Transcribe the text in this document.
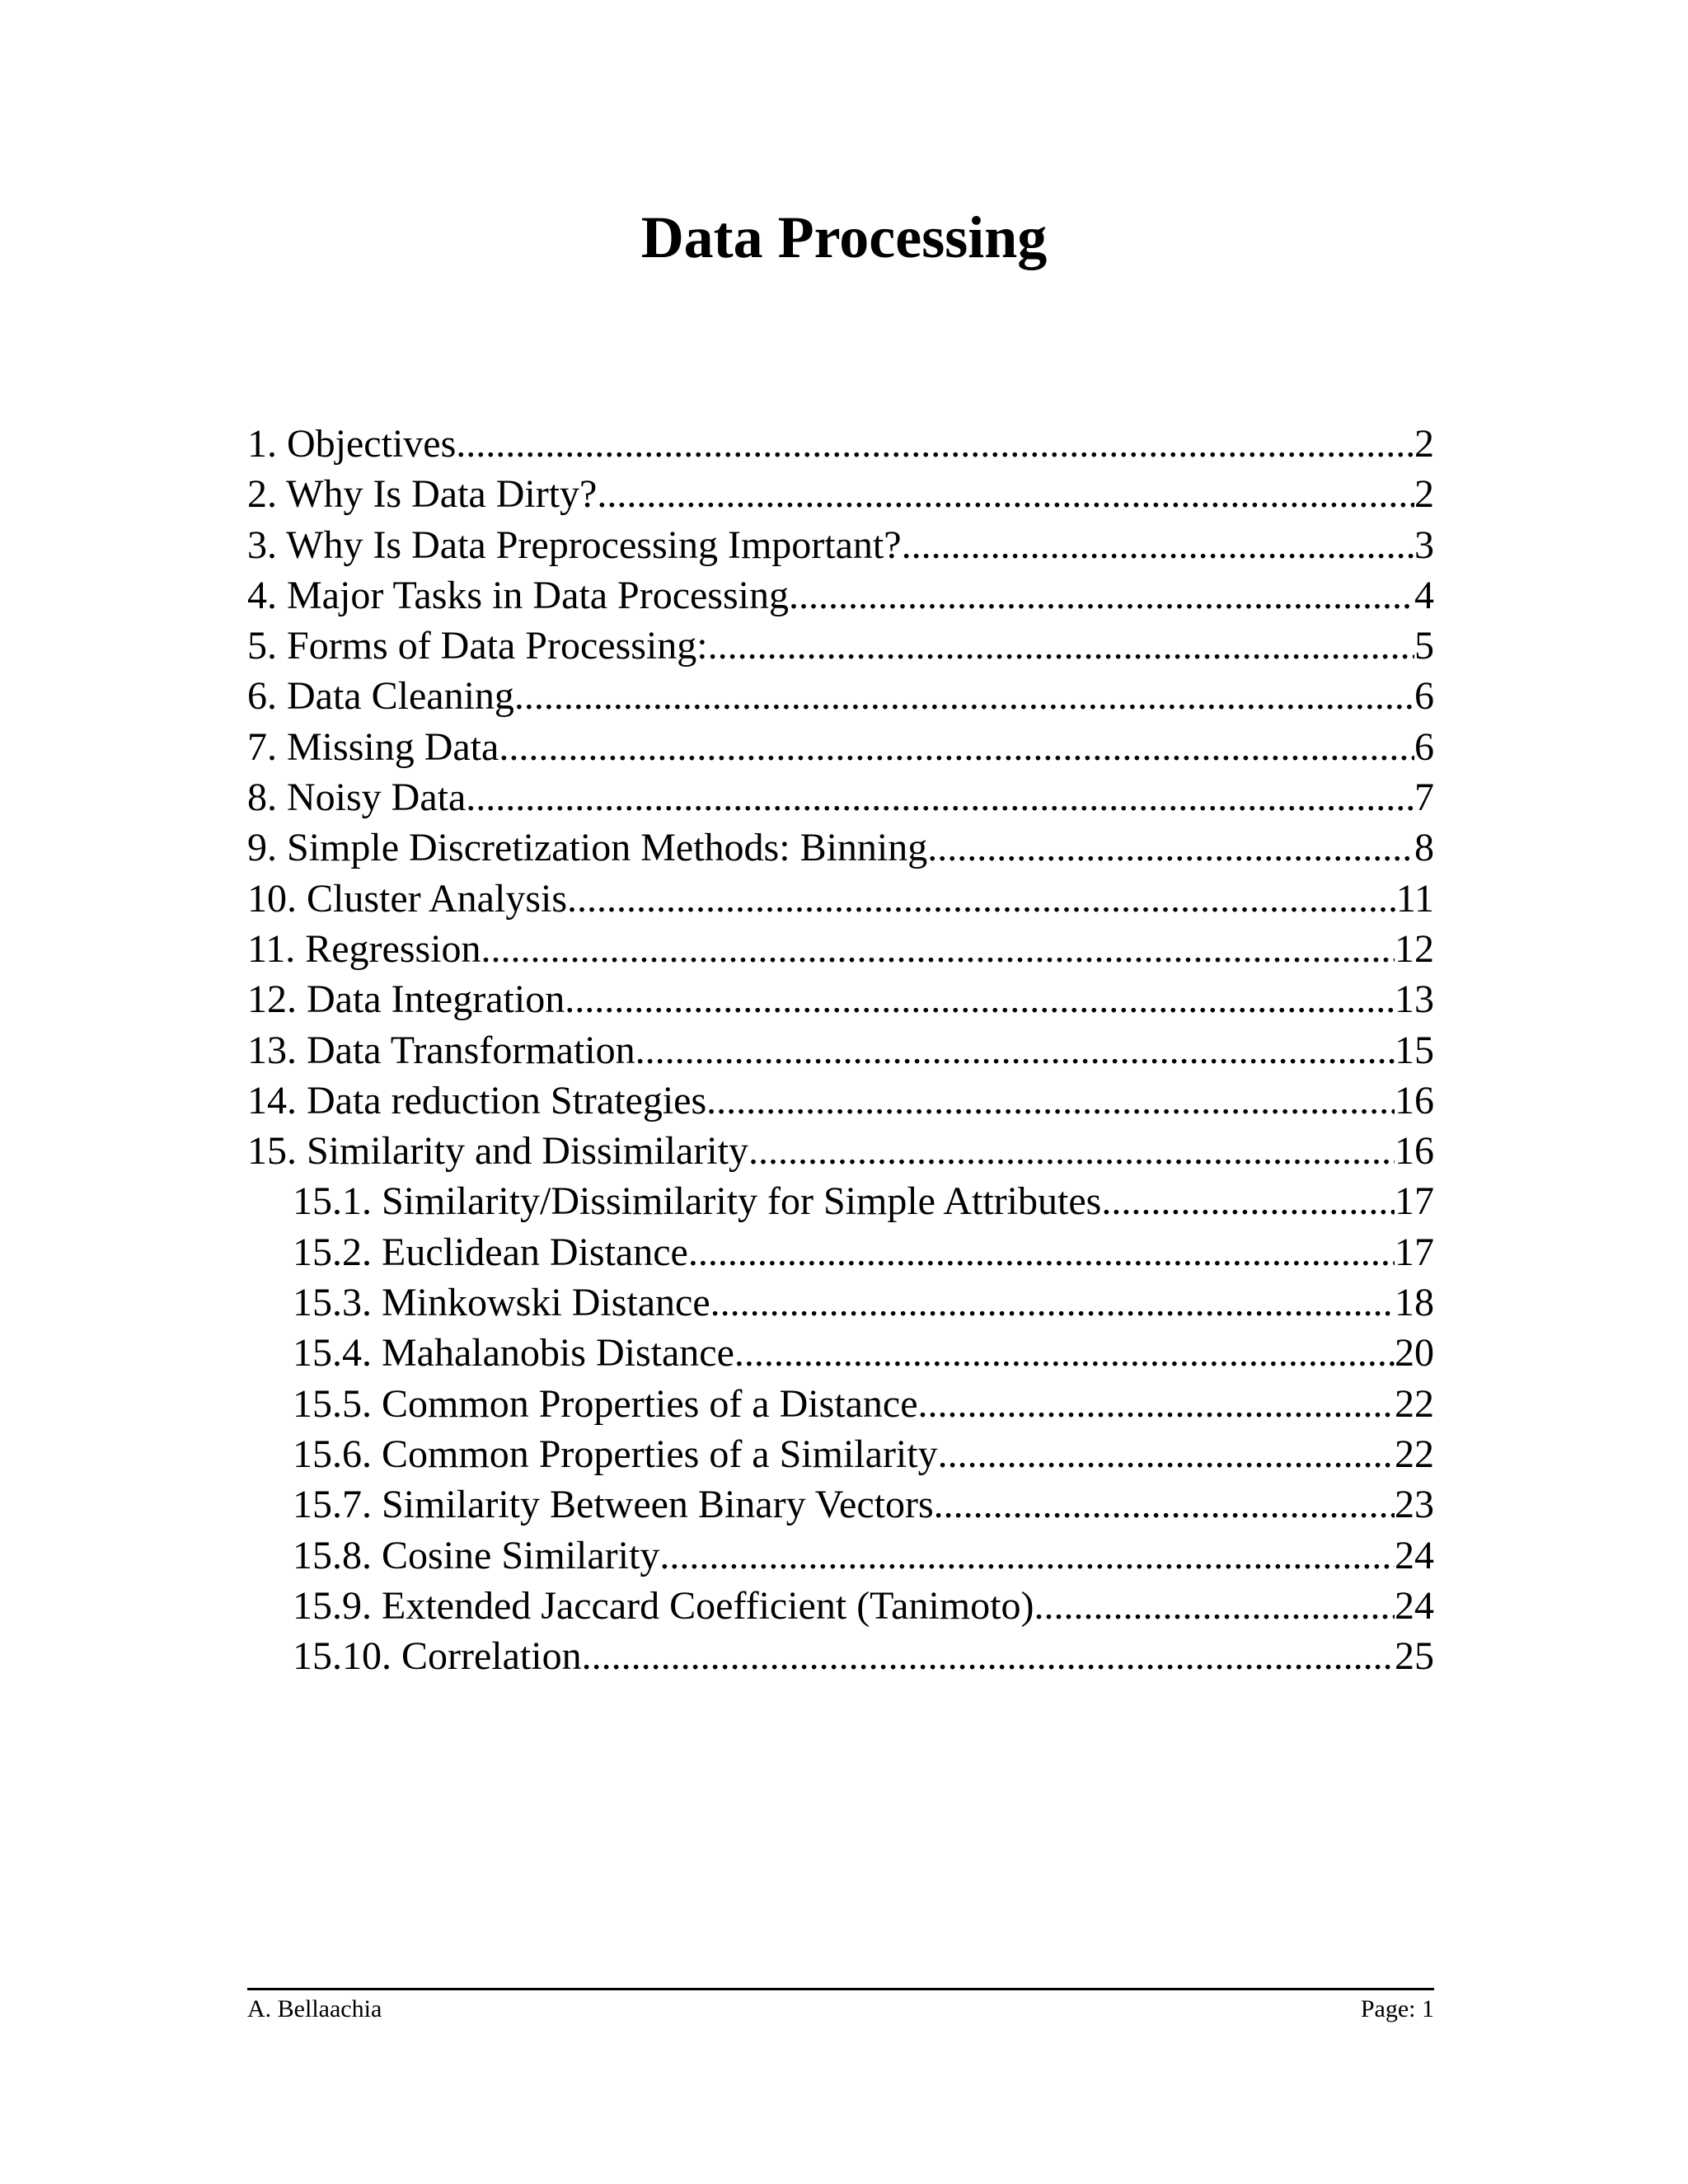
Data Processing
1. Objectives .....	2
2. Why Is Data Dirty? .....	2
3. Why Is Data Preprocessing Important? .....	3
4. Major Tasks in Data Processing .....	4
5. Forms of Data Processing: .....	5
6. Data Cleaning .....	6
7. Missing Data .....	6
8. Noisy Data .....	7
9. Simple Discretization Methods: Binning .....	8
10. Cluster Analysis .....	11
11. Regression .....	12
12. Data Integration .....	13
13. Data Transformation .....	15
14. Data reduction Strategies .....	16
15. Similarity and Dissimilarity .....	16
15.1. Similarity/Dissimilarity for Simple Attributes .....	17
15.2. Euclidean Distance .....	17
15.3. Minkowski Distance .....	18
15.4. Mahalanobis Distance .....	20
15.5. Common Properties of a Distance .....	22
15.6. Common Properties of a Similarity .....	22
15.7. Similarity Between Binary Vectors .....	23
15.8. Cosine Similarity .....	24
15.9. Extended Jaccard Coefficient (Tanimoto) .....	24
15.10. Correlation .....	25
A. Bellaachia	Page: 1
